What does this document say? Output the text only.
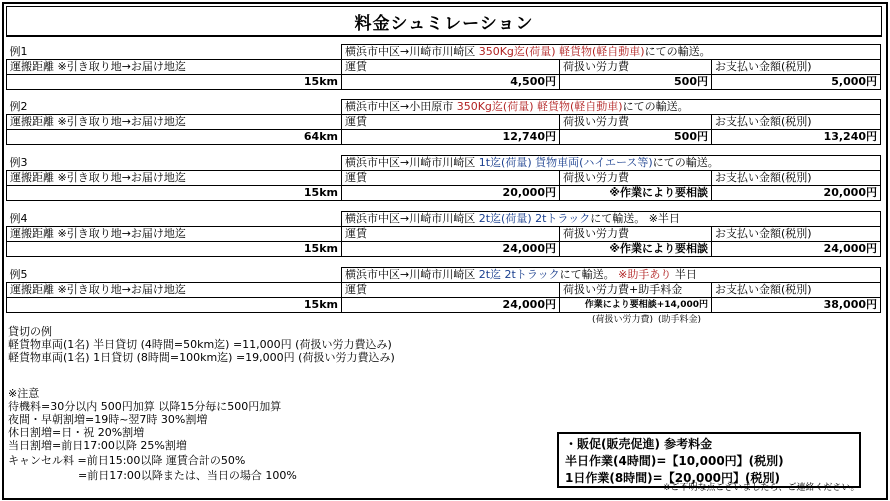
料金シュミレーション
例1	横浜市中区→川崎市川崎区 350Kg迄(荷量) 軽貨物(軽自動車)にての輸送。		
運搬距離 ※引き取り地→お届け地迄	運賃	荷扱い労力費	お支払い金額(税別)
15km	4,500円	500円	5,000円
例2	横浜市中区→小田原市 350Kg迄(荷量) 軽貨物(軽自動車)にての輸送。		
運搬距離 ※引き取り地→お届け地迄	運賃	荷扱い労力費	お支払い金額(税別)
64km	12,740円	500円	13,240円
例3	横浜市中区→川崎市川崎区 1t迄(荷量) 貨物車両(ハイエース等)にての輸送。		
運搬距離 ※引き取り地→お届け地迄	運賃	荷扱い労力費	お支払い金額(税別)
15km	20,000円	※作業により要相談	20,000円
例4	横浜市中区→川崎市川崎区 2t迄(荷量) 2tトラックにて輸送。 ※半日		
運搬距離 ※引き取り地→お届け地迄	運賃	荷扱い労力費	お支払い金額(税別)
15km	24,000円	※作業により要相談	24,000円
例5	横浜市中区→川崎市川崎区 2t迄 2tトラックにて輸送。 ※助手あり 半日		
運搬距離 ※引き取り地→お届け地迄	運賃	荷扱い労力費+助手料金	お支払い金額(税別)
15km	24,000円	作業により要相談+14,000円	38,000円
(荷扱い労力費) (助手料金)
貸切の例
軽貨物車両(1名) 半日貸切 (4時間=50km迄) =11,000円 (荷扱い労力費込み)
軽貨物車両(1名) 1日貸切 (8時間=100km迄) =19,000円 (荷扱い労力費込み)
※注意
待機料=30分以内 500円加算 以降15分毎に500円加算
夜間・早朝割増=19時~翌7時 30%割増
休日割増=日・祝 20%割増
当日割増=前日17:00以降 25%割増
キャンセル料 =前日15:00以降 運賃合計の50%
=前日17:00以降または、当日の場合 100%
・販促(販売促進) 参考料金
半日作業(4時間)=【10,000円】(税別)
1日作業(8時間)=【20,000円】(税別)
※ご不明な点ございましたら、ご連絡ください。
